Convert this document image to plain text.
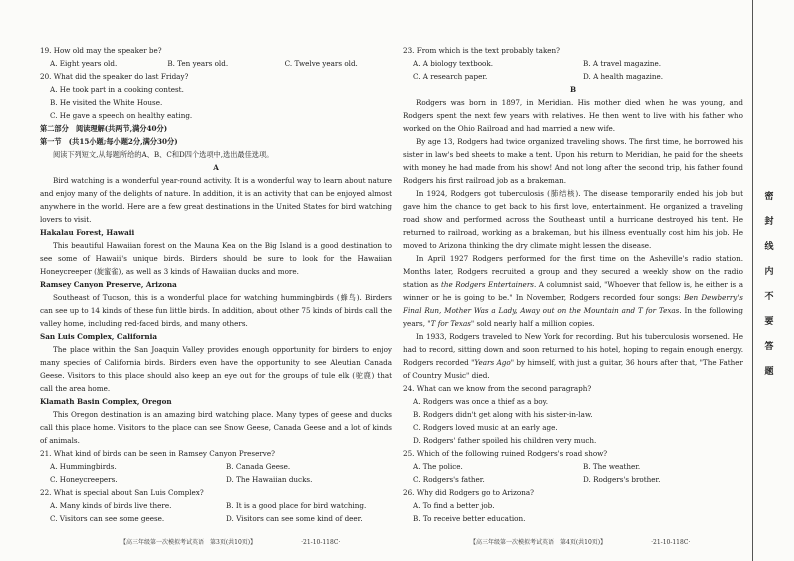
19. How old may the speaker be?

A. Eight years old.	B. Ten years old.	C. Twelve years old.

20. What did the speaker do last Friday?

A. He took part in a cooking contest.

B. He visited the White House.

C. He gave a speech on healthy eating.

第二部分　阅读理解(共两节,满分40分)

第一节　(共15小题;每小题2分,满分30分)

阅读下列短文,从每题所给的A、B、C和D四个选项中,选出最佳选项。

A

Bird watching is a wonderful year-round activity. It is a wonderful way to learn about nature and enjoy many of the delights of nature. In addition, it is an activity that can be enjoyed almost anywhere in the world. Here are a few great destinations in the United States for bird watching lovers to visit.

Hakalau Forest, Hawaii

This beautiful Hawaiian forest on the Mauna Kea on the Big Island is a good destination to see some of Hawaii's unique birds. Birders should be sure to look for the Hawaiian Honeycreeper (旋蜜雀), as well as 3 kinds of Hawaiian ducks and more.

Ramsey Canyon Preserve, Arizona

Southeast of Tucson, this is a wonderful place for watching hummingbirds (蜂鸟). Birders can see up to 14 kinds of these fun little birds. In addition, about other 75 kinds of birds call the valley home, including red-faced birds, and many others.

San Luis Complex, California

The place within the San Joaquin Valley provides enough opportunity for birders to enjoy many species of California birds. Birders even have the opportunity to see Aleutian Canada Geese. Visitors to this place should also keep an eye out for the groups of tule elk (驼鹿) that call the area home.

Klamath Basin Complex, Oregon

This Oregon destination is an amazing bird watching place. Many types of geese and ducks call this place home. Visitors to the place can see Snow Geese, Canada Geese and a lot of kinds of animals.

21. What kind of birds can be seen in Ramsey Canyon Preserve?

A. Hummingbirds.	B. Canada Geese.
C. Honeycreepers.	D. The Hawaiian ducks.

22. What is special about San Luis Complex?

A. Many kinds of birds live there.	B. It is a good place for bird watching.
C. Visitors can see some geese.	D. Visitors can see some kind of deer.

23. From which is the text probably taken?

A. A biology textbook.	B. A travel magazine.
C. A research paper.	D. A health magazine.

B

Rodgers was born in 1897, in Meridian. His mother died when he was young, and Rodgers spent the next few years with relatives. He then went to live with his father who worked on the Ohio Railroad and had married a new wife.

By age 13, Rodgers had twice organized traveling shows. The first time, he borrowed his sister in law's bed sheets to make a tent. Upon his return to Meridian, he paid for the sheets with money he had made from his show! And not long after the second trip, his father found Rodgers his first railroad job as a brakeman.

In 1924, Rodgers got tuberculosis (肺结核). The disease temporarily ended his job but gave him the chance to get back to his first love, entertainment. He organized a traveling road show and performed across the Southeast until a hurricane destroyed his tent. He returned to railroad, working as a brakeman, but his illness eventually cost him his job. He moved to Arizona thinking the dry climate might lessen the disease.

In April 1927 Rodgers performed for the first time on the Asheville's radio station. Months later, Rodgers recruited a group and they secured a weekly show on the radio station as the Rodgers Entertainers. A columnist said, "Whoever that fellow is, he either is a winner or he is going to be." In November, Rodgers recorded four songs: Ben Dewberry's Final Run, Mother Was a Lady, Away out on the Mountain and T for Texas. In the following years, "T for Texas" sold nearly half a million copies.

In 1933, Rodgers traveled to New York for recording. But his tuberculosis worsened. He had to record, sitting down and soon returned to his hotel, hoping to regain enough energy. Rodgers recorded "Years Ago" by himself, with just a guitar, 36 hours after that, "The Father of Country Music" died.

24. What can we know from the second paragraph?

A. Rodgers was once a thief as a boy.

B. Rodgers didn't get along with his sister-in-law.

C. Rodgers loved music at an early age.

D. Rodgers' father spoiled his children very much.

25. Which of the following ruined Rodgers's road show?

A. The police.	B. The weather.
C. Rodgers's father.	D. Rodgers's brother.

26. Why did Rodgers go to Arizona?

A. To find a better job.

B. To receive better education.

【高三年级第一次模拟考试英语　第3页(共10页)】　　　　　　　　·21-10-118C·	【高三年级第一次模拟考试英语　第4页(共10页)】　　　　　　　　·21-10-118C·
密
封
线
内
不
要
答
题
